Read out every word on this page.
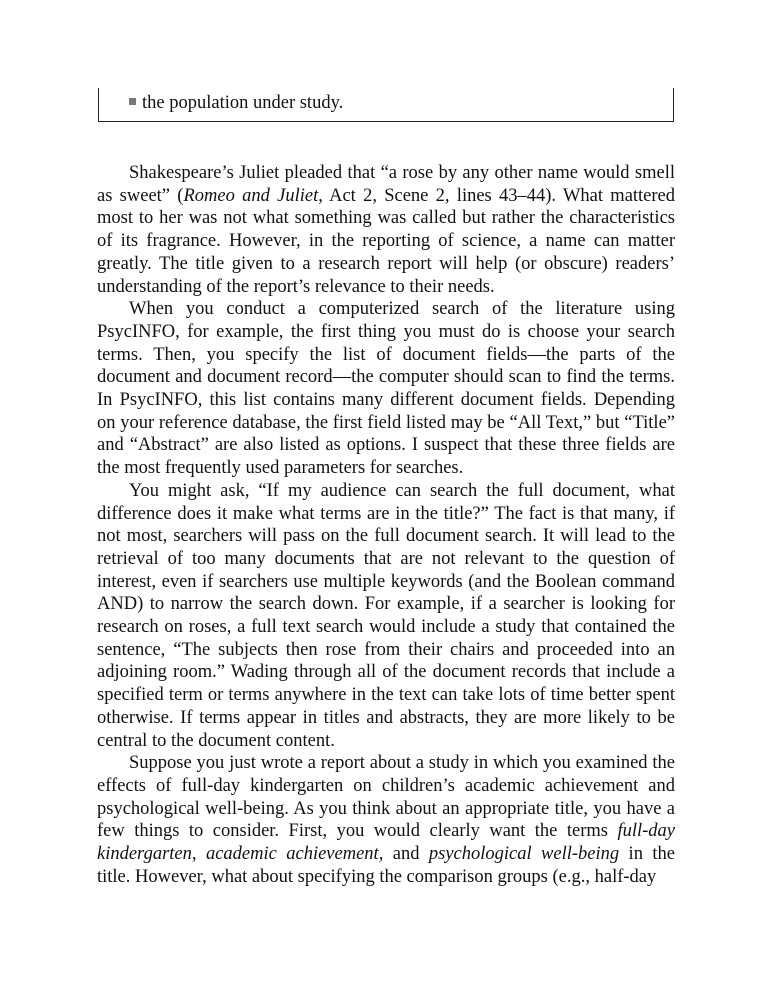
the population under study.

Shakespeare’s Juliet pleaded that “a rose by any other name would smell as sweet” (Romeo and Juliet, Act 2, Scene 2, lines 43–44). What mattered most to her was not what something was called but rather the characteristics of its fragrance. However, in the reporting of science, a name can matter greatly. The title given to a research report will help (or obscure) readers’ understanding of the report’s relevance to their needs.

When you conduct a computerized search of the literature using PsycINFO, for example, the first thing you must do is choose your search terms. Then, you specify the list of document fields—the parts of the document and document record—the computer should scan to find the terms. In PsycINFO, this list contains many different document fields. Depending on your reference database, the first field listed may be “All Text,” but “Title” and “Abstract” are also listed as options. I suspect that these three fields are the most frequently used parameters for searches.

You might ask, “If my audience can search the full document, what difference does it make what terms are in the title?” The fact is that many, if not most, searchers will pass on the full document search. It will lead to the retrieval of too many documents that are not relevant to the question of interest, even if searchers use multiple keywords (and the Boolean command AND) to narrow the search down. For example, if a searcher is looking for research on roses, a full text search would include a study that contained the sentence, “The subjects then rose from their chairs and proceeded into an adjoining room.” Wading through all of the document records that include a specified term or terms anywhere in the text can take lots of time better spent otherwise. If terms appear in titles and abstracts, they are more likely to be central to the document content.

Suppose you just wrote a report about a study in which you examined the effects of full-day kindergarten on children’s academic achievement and psychological well-being. As you think about an appropriate title, you have a few things to consider. First, you would clearly want the terms full-day kindergarten, academic achievement, and psychological well-being in the title. However, what about specifying the comparison groups (e.g., half-day
